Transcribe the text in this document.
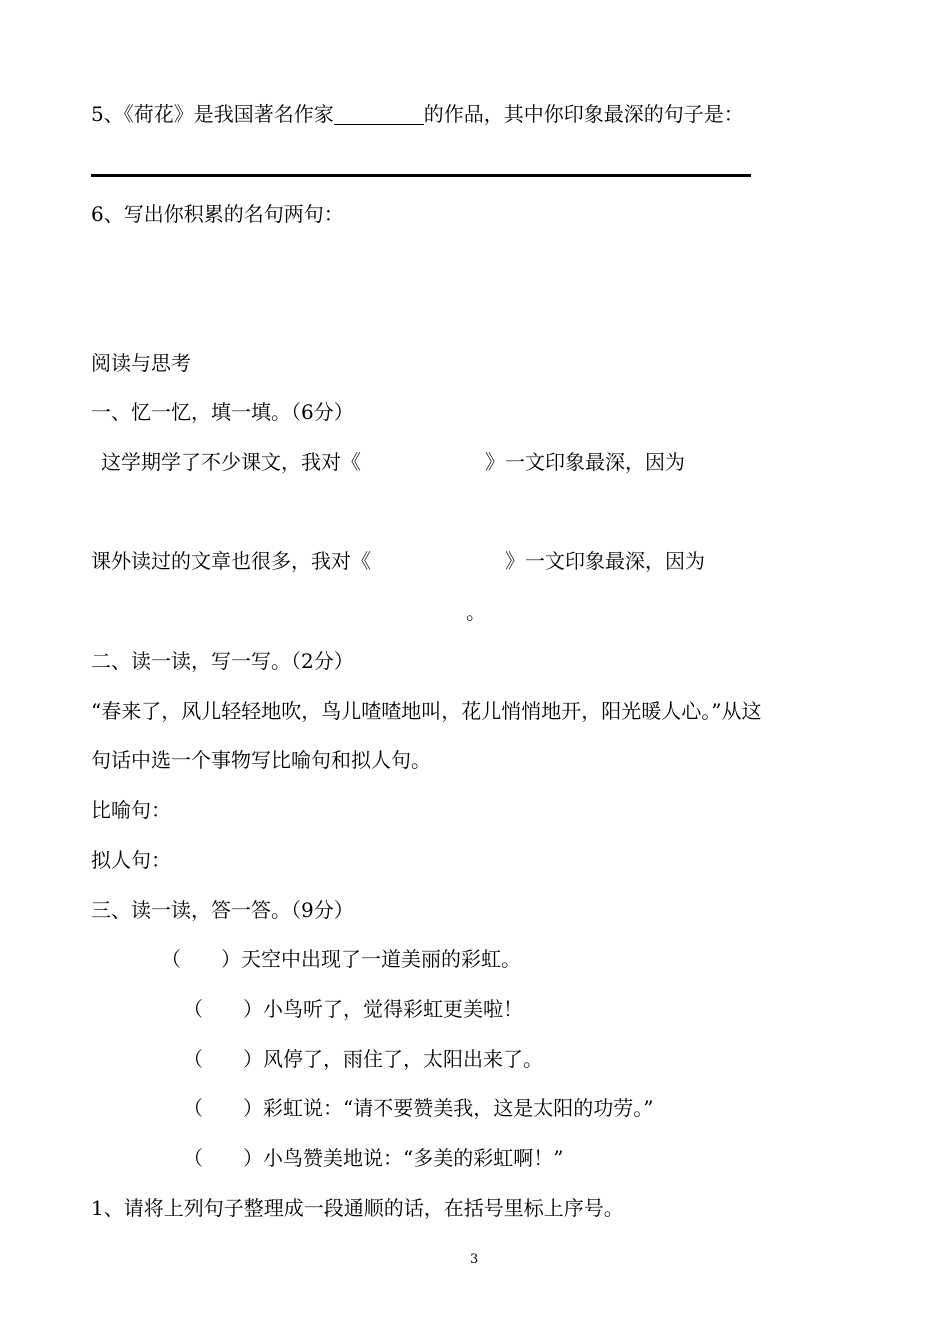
5、《荷花》是我国著名作家	的作品，其中你印象最深的句子是：
6、写出你积累的名句两句：
阅读与思考
一、忆一忆，填一填。（6分）
这学期学了不少课文，我对《	》一文印象最深，因为
课外读过的文章也很多，我对《	》一文印象最深，因为
。
二、读一读，写一写。（2分）
“春来了，风儿轻轻地吹，鸟儿喳喳地叫，花儿悄悄地开，阳光暖人心。”从这
句话中选一个事物写比喻句和拟人句。
比喻句：
拟人句：
三、读一读，答一答。（9分）
（　　）天空中出现了一道美丽的彩虹。
（　　）小鸟听了，觉得彩虹更美啦！
（　　）风停了，雨住了，太阳出来了。
（　　）彩虹说：“请不要赞美我，这是太阳的功劳。”
（　　）小鸟赞美地说：“多美的彩虹啊！”
1、请将上列句子整理成一段通顺的话，在括号里标上序号。
3
